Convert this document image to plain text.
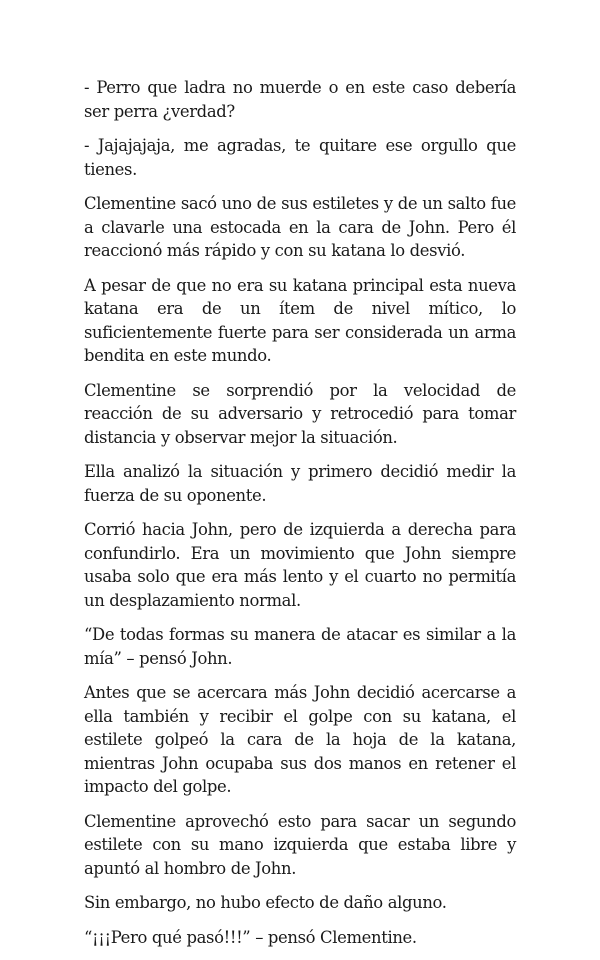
- Perro que ladra no muerde o en este caso debería ser perra ¿verdad?

- Jajajajaja, me agradas, te quitare ese orgullo que tienes.

Clementine sacó uno de sus estiletes y de un salto fue a clavarle una estocada en la cara de John. Pero él reaccionó más rápido y con su katana lo desvió.

A pesar de que no era su katana principal esta nueva katana era de un ítem de nivel mítico, lo suficientemente fuerte para ser considerada un arma bendita en este mundo.

Clementine se sorprendió por la velocidad de reacción de su adversario y retrocedió para tomar distancia y observar mejor la situación.

Ella analizó la situación y primero decidió medir la fuerza de su oponente.

Corrió hacia John, pero de izquierda a derecha para confundirlo. Era un movimiento que John siempre usaba solo que era más lento y el cuarto no permitía un desplazamiento normal.

“De todas formas su manera de atacar es similar a la mía” – pensó John.

Antes que se acercara más John decidió acercarse a ella también y recibir el golpe con su katana, el estilete golpeó la cara de la hoja de la katana, mientras John ocupaba sus dos manos en retener el impacto del golpe.

Clementine aprovechó esto para sacar un segundo estilete con su mano izquierda que estaba libre y apuntó al hombro de John.

Sin embargo, no hubo efecto de daño alguno.

“¡¡¡Pero qué pasó!!!” – pensó Clementine.
